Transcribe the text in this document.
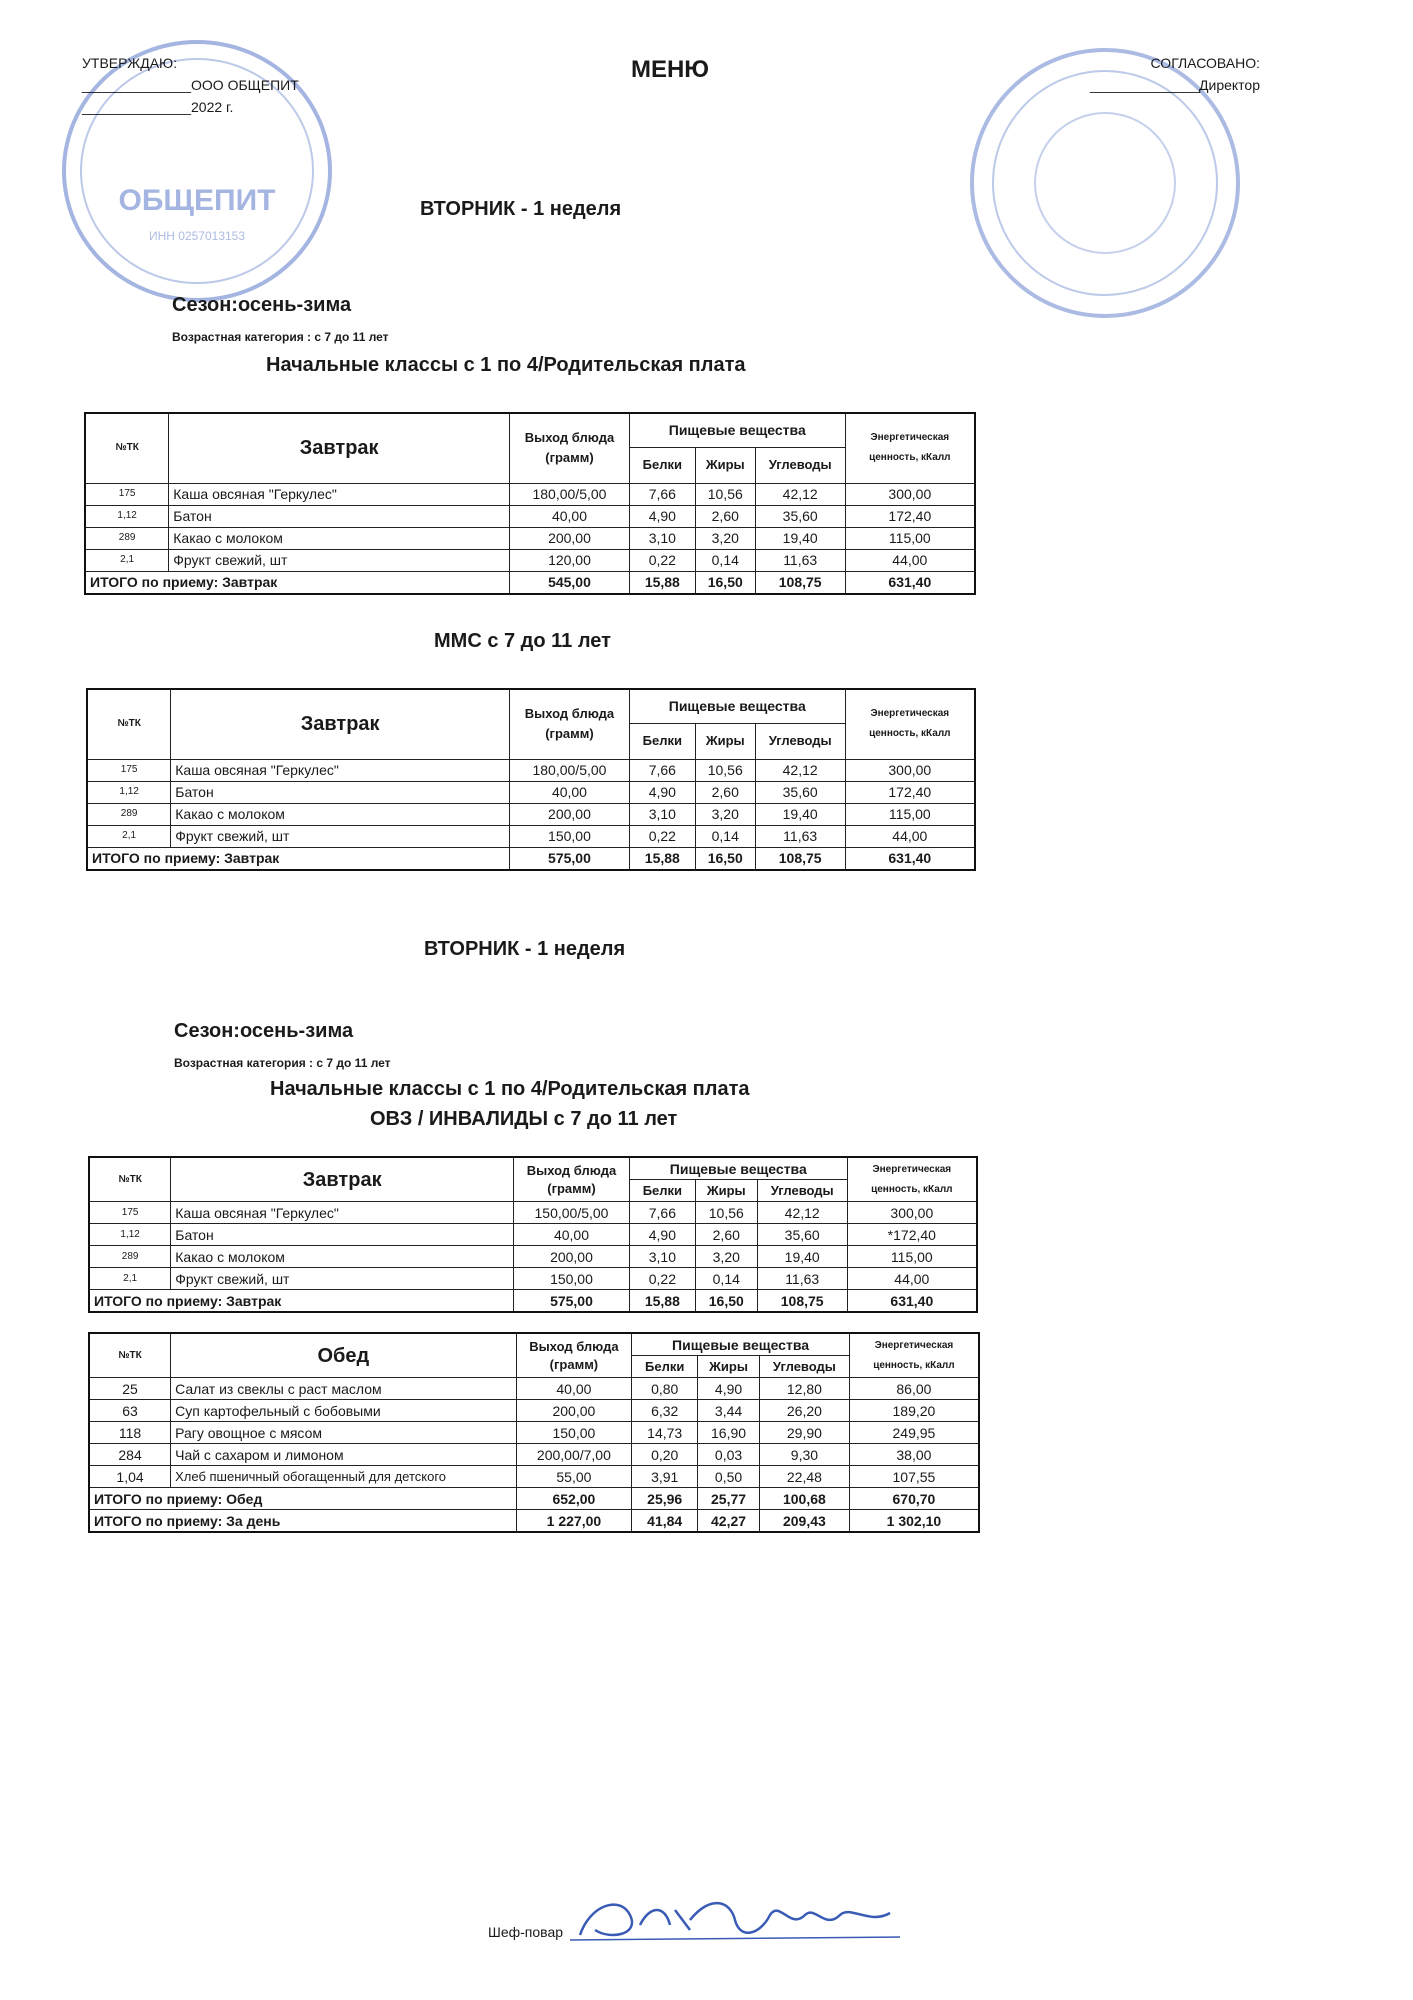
ОБЩЕПИТ
ИНН 0257013153
УТВЕРЖДАЮ:
______________ООО ОБЩЕПИТ
______________2022 г.
МЕНЮ	СОГЛАСОВАНО:
______________Директор
ВТОРНИК - 1 неделя
Сезон:осень-зима
Возрастная категория : с 7 до 11 лет
Начальные классы с 1 по 4/Родительская плата
№ТК	Завтрак	Выход блюда (грамм)	Пищевые вещества			Энергетическая ценность, кКалл
			Белки	Жиры	Углеводы	
175	Каша овсяная "Геркулес"	180,00/5,00	7,66	10,56	42,12	300,00
1,12	Батон	40,00	4,90	2,60	35,60	172,40
289	Какао с молоком	200,00	3,10	3,20	19,40	115,00
2,1	Фрукт свежий, шт	120,00	0,22	0,14	11,63	44,00
ИТОГО по приему: Завтрак		545,00	15,88	16,50	108,75	631,40
ММС с 7 до 11 лет
№ТК	Завтрак	Выход блюда (грамм)	Пищевые вещества			Энергетическая ценность, кКалл
			Белки	Жиры	Углеводы	
175	Каша овсяная "Геркулес"	180,00/5,00	7,66	10,56	42,12	300,00
1,12	Батон	40,00	4,90	2,60	35,60	172,40
289	Какао с молоком	200,00	3,10	3,20	19,40	115,00
2,1	Фрукт свежий, шт	150,00	0,22	0,14	11,63	44,00
ИТОГО по приему: Завтрак		575,00	15,88	16,50	108,75	631,40
ВТОРНИК - 1 неделя
Сезон:осень-зима
Возрастная категория : с 7 до 11 лет
Начальные классы с 1 по 4/Родительская плата
ОВЗ / ИНВАЛИДЫ с 7 до 11 лет
№ТК	Завтрак	Выход блюда (грамм)	Пищевые вещества			Энергетическая ценность, кКалл
			Белки	Жиры	Углеводы	
175	Каша овсяная "Геркулес"	150,00/5,00	7,66	10,56	42,12	300,00
1,12	Батон	40,00	4,90	2,60	35,60	*172,40
289	Какао с молоком	200,00	3,10	3,20	19,40	115,00
2,1	Фрукт свежий, шт	150,00	0,22	0,14	11,63	44,00
ИТОГО по приему: Завтрак		575,00	15,88	16,50	108,75	631,40
№ТК	Обед	Выход блюда (грамм)	Пищевые вещества			Энергетическая ценность, кКалл
			Белки	Жиры	Углеводы	
25	Салат из свеклы с раст маслом	40,00	0,80	4,90	12,80	86,00
63	Суп картофельный с бобовыми	200,00	6,32	3,44	26,20	189,20
118	Рагу овощное с мясом	150,00	14,73	16,90	29,90	249,95
284	Чай с сахаром и лимоном	200,00/7,00	0,20	0,03	9,30	38,00
1,04	Хлеб пшеничный обогащенный для детского	55,00	3,91	0,50	22,48	107,55
ИТОГО по приему: Обед		652,00	25,96	25,77	100,68	670,70
ИТОГО по приему: За день		1 227,00	41,84	42,27	209,43	1 302,10
Шеф-повар
